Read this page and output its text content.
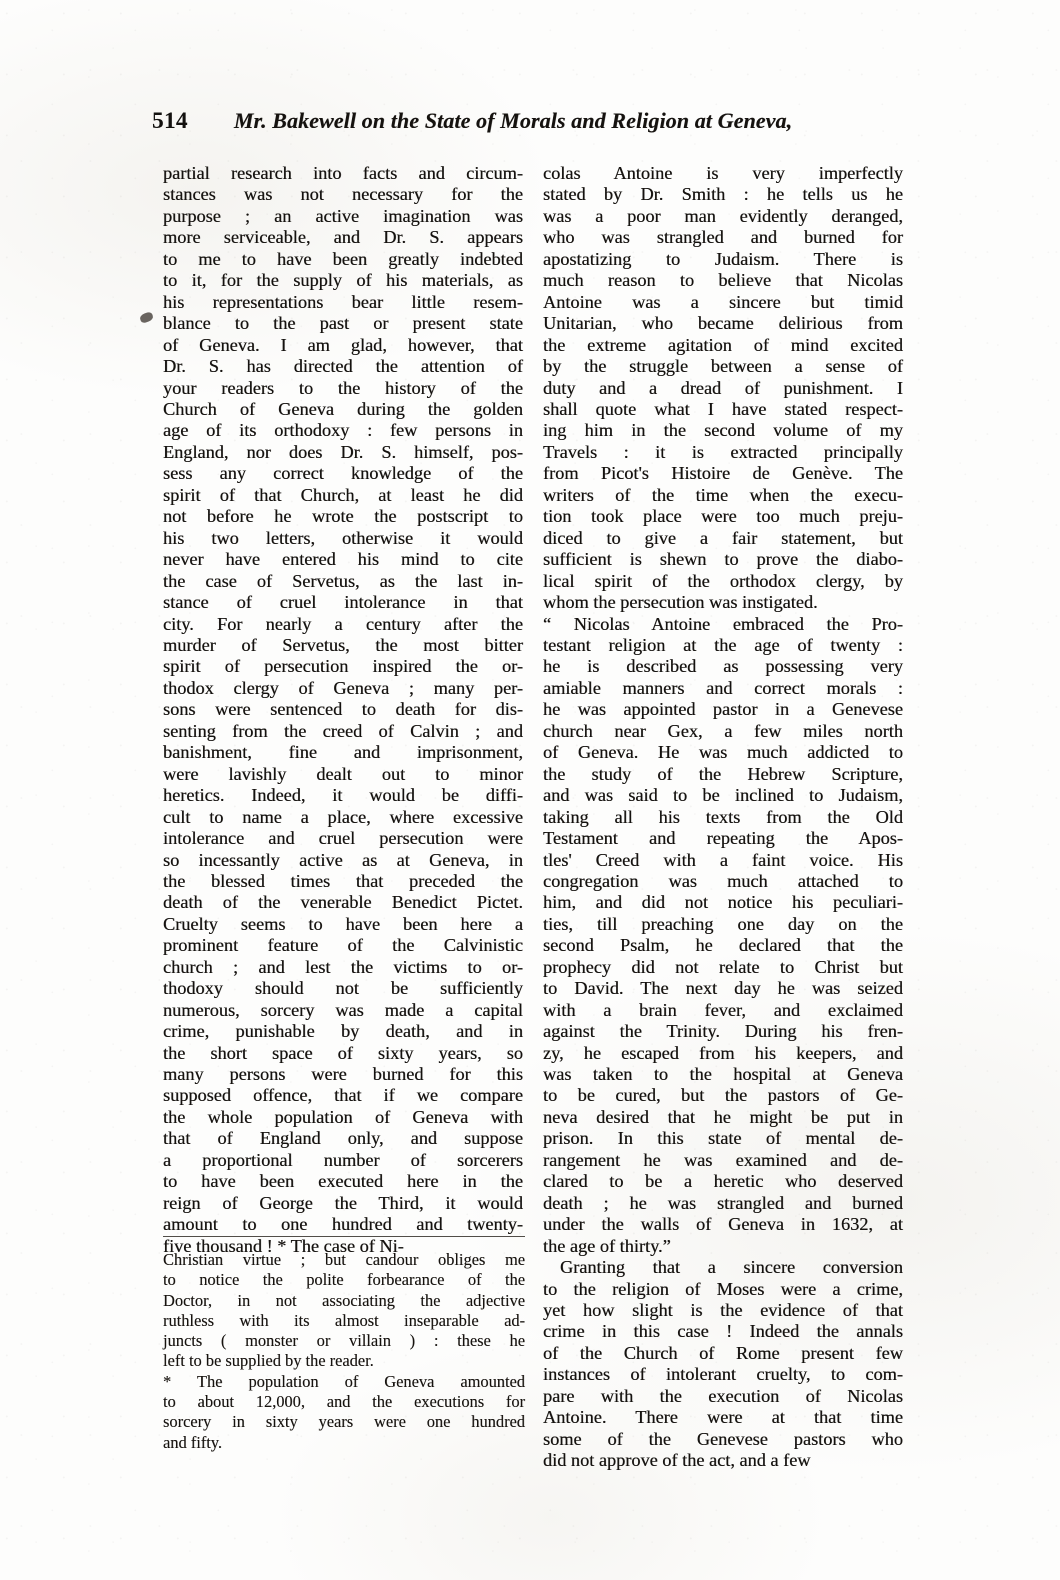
514 Mr. Bakewell on the State of Morals and Religion at Geneva,

partial research into facts and circum-
stances was not necessary for the
purpose ; an active imagination was
more serviceable, and Dr. S. appears
to me to have been greatly indebted
to it, for the supply of his materials, as
his representations bear little resem-
blance to the past or present state
of Geneva. I am glad, however, that
Dr. S. has directed the attention of
your readers to the history of the
Church of Geneva during the golden
age of its orthodoxy : few persons in
England, nor does Dr. S. himself, pos-
sess any correct knowledge of the
spirit of that Church, at least he did
not before he wrote the postscript to
his two letters, otherwise it would
never have entered his mind to cite
the case of Servetus, as the last in-
stance of cruel intolerance in that
city. For nearly a century after the
murder of Servetus, the most bitter
spirit of persecution inspired the or-
thodox clergy of Geneva ; many per-
sons were sentenced to death for dis-
senting from the creed of Calvin ; and
banishment, fine and imprisonment,
were lavishly dealt out to minor
heretics. Indeed, it would be diffi-
cult to name a place, where excessive
intolerance and cruel persecution were
so incessantly active as at Geneva, in
the blessed times that preceded the
death of the venerable Benedict Pictet.
Cruelty seems to have been here a
prominent feature of the Calvinistic
church ; and lest the victims to or-
thodoxy should not be sufficiently
numerous, sorcery was made a capital
crime, punishable by death, and in
the short space of sixty years, so
many persons were burned for this
supposed offence, that if we compare
the whole population of Geneva with
that of England only, and suppose
a proportional number of sorcerers
to have been executed here in the
reign of George the Third, it would
amount to one hundred and twenty-
five thousand ! * The case of Ni-

colas Antoine is very imperfectly
stated by Dr. Smith : he tells us he
was a poor man evidently deranged,
who was strangled and burned for
apostatizing to Judaism. There is
much reason to believe that Nicolas
Antoine was a sincere but timid
Unitarian, who became delirious from
the extreme agitation of mind excited
by the struggle between a sense of
duty and a dread of punishment. I
shall quote what I have stated respect-
ing him in the second volume of my
Travels : it is extracted principally
from Picot's Histoire de Genève. The
writers of the time when the execu-
tion took place were too much preju-
diced to give a fair statement, but
sufficient is shewn to prove the diabo-
lical spirit of the orthodox clergy, by
whom the persecution was instigated.

“ Nicolas Antoine embraced the Pro-
testant religion at the age of twenty :
he is described as possessing very
amiable manners and correct morals :
he was appointed pastor in a Genevese
church near Gex, a few miles north
of Geneva. He was much addicted to
the study of the Hebrew Scripture,
and was said to be inclined to Judaism,
taking all his texts from the Old
Testament and repeating the Apos-
tles' Creed with a faint voice. His
congregation was much attached to
him, and did not notice his peculiari-
ties, till preaching one day on the
second Psalm, he declared that the
prophecy did not relate to Christ but
to David. The next day he was seized
with a brain fever, and exclaimed
against the Trinity. During his fren-
zy, he escaped from his keepers, and
was taken to the hospital at Geneva
to be cured, but the pastors of Ge-
neva desired that he might be put in
prison. In this state of mental de-
rangement he was examined and de-
clared to be a heretic who deserved
death ; he was strangled and burned
under the walls of Geneva in 1632, at
the age of thirty.”

Granting that a sincere conversion
to the religion of Moses were a crime,
yet how slight is the evidence of that
crime in this case ! Indeed the annals
of the Church of Rome present few
instances of intolerant cruelty, to com-
pare with the execution of Nicolas
Antoine. There were at that time
some of the Genevese pastors who
did not approve of the act, and a few

Christian virtue ; but candour obliges me
to notice the polite forbearance of the
Doctor, in not associating the adjective
ruthless with its almost inseparable ad-
juncts ( monster or villain ) : these he
left to be supplied by the reader.

* The population of Geneva amounted
to about 12,000, and the executions for
sorcery in sixty years were one hundred
and fifty.
